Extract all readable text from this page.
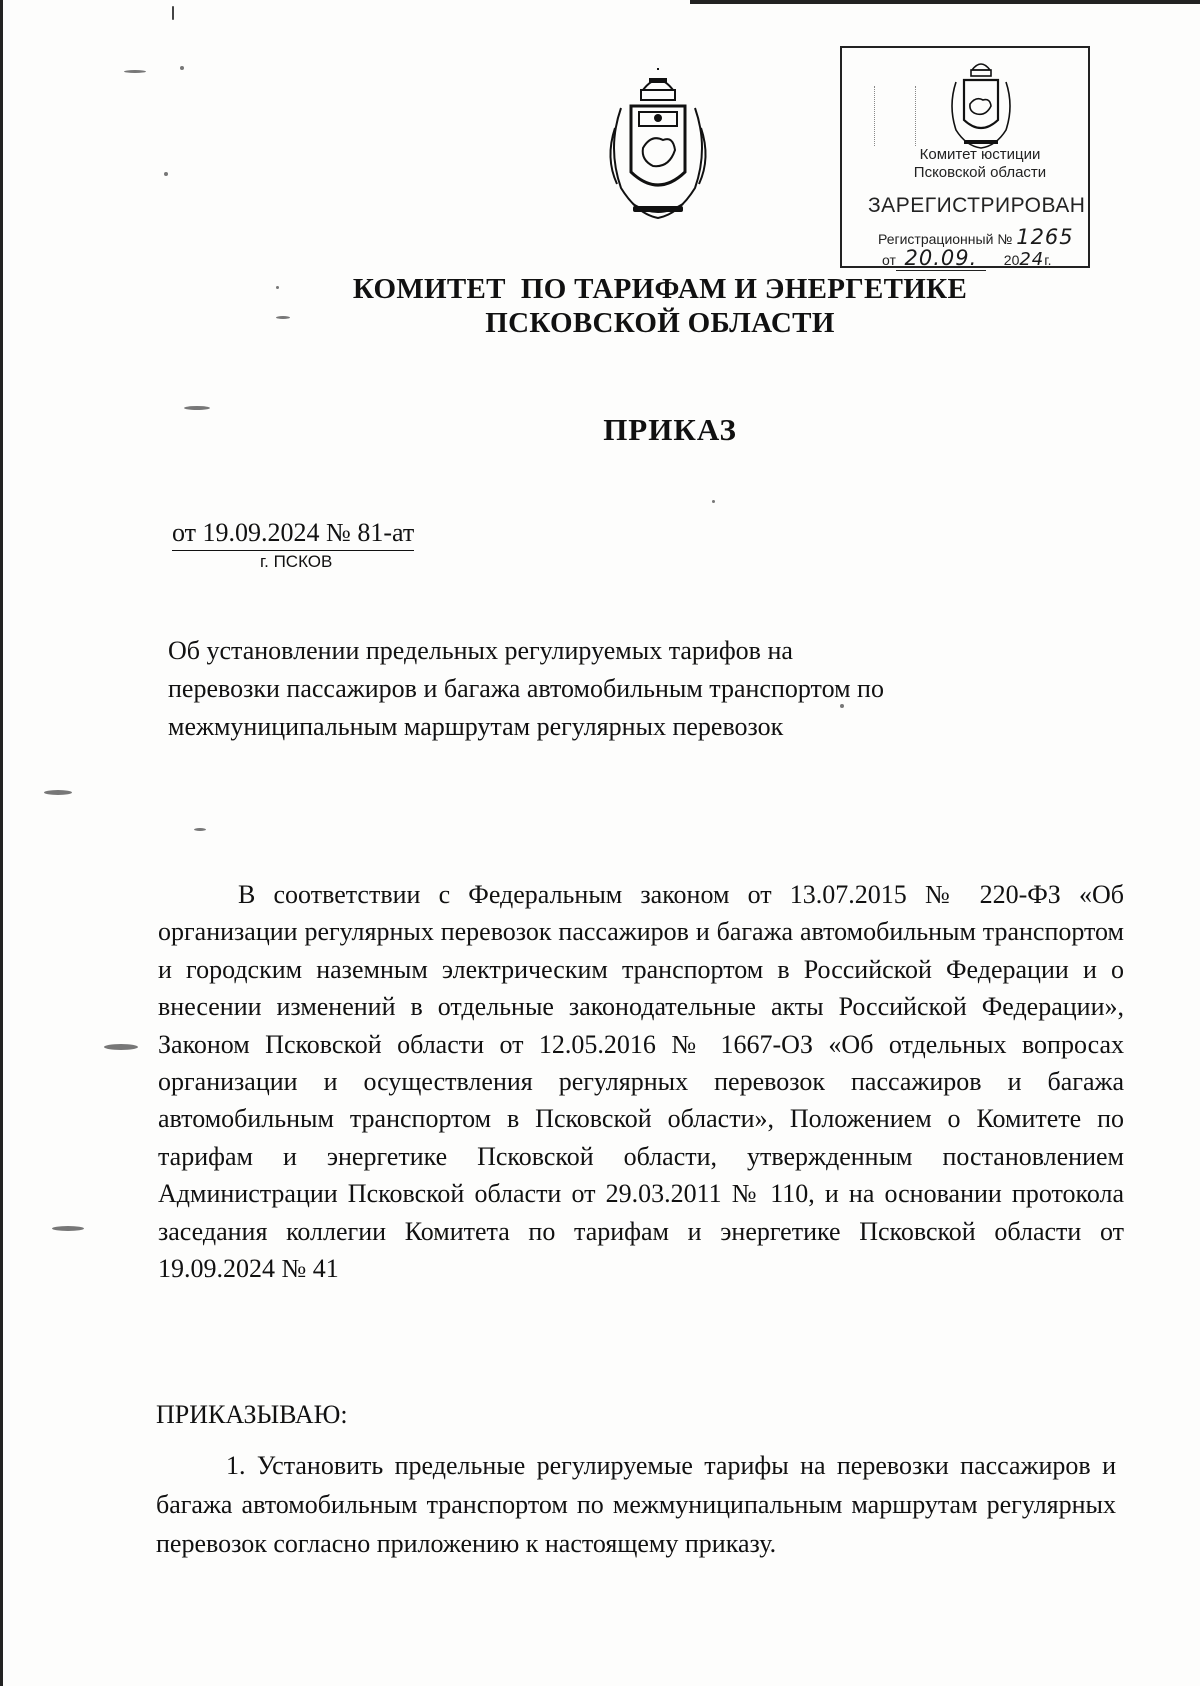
Комитет юстиции
Псковской области
ЗАРЕГИСТРИРОВАН
Регистрационный № 1265
от 20.09. 2024г.
КОМИТЕТ  ПО ТАРИФАМ И ЭНЕРГЕТИКЕ
ПСКОВСКОЙ ОБЛАСТИ
ПРИКАЗ
от 19.09.2024 № 81-ат
г. ПСКОВ
Об установлении предельных регулируемых тарифов на перевозки пассажиров и багажа автомобильным транспортом по межмуниципальным маршрутам регулярных перевозок

В соответствии с Федеральным законом от 13.07.2015 № 220-ФЗ «Об организации регулярных перевозок пассажиров и багажа автомобильным транспортом и городским наземным электрическим транспортом в Российской Федерации и о внесении изменений в отдельные законодательные акты Российской Федерации», Законом Псковской области от 12.05.2016 № 1667-ОЗ «Об отдельных вопросах организации и осуществления регулярных перевозок пассажиров и багажа автомобильным транспортом в Псковской области», Положением о Комитете по тарифам и энергетике Псковской области, утвержденным постановлением Администрации Псковской области от 29.03.2011 № 110, и на основании протокола заседания коллегии Комитета по тарифам и энергетике Псковской области от 19.09.2024 № 41

ПРИКАЗЫВАЮ:

1. Установить предельные регулируемые тарифы на перевозки пассажиров и багажа автомобильным транспортом по межмуниципальным маршрутам регулярных перевозок согласно приложению к настоящему приказу.
